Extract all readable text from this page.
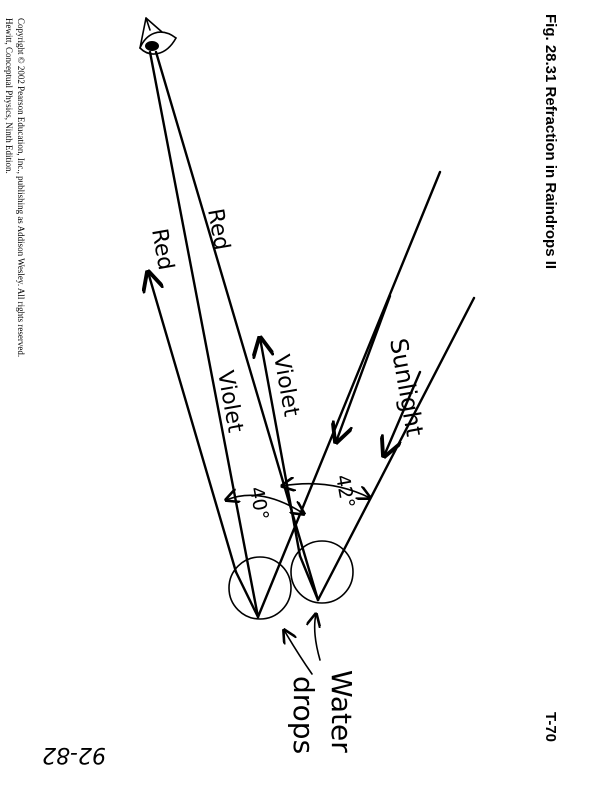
Red
Red
Violet Violet	Sunlight
40°	42°
Water
drops
Fig. 28.31 Refraction in Raindrops II
T-70
Hewitt, Conceptual Physics, Ninth Edition. Copyright © 2002 Pearson Education, Inc., publishing as Addison Wesley. All rights reserved.
92-82
